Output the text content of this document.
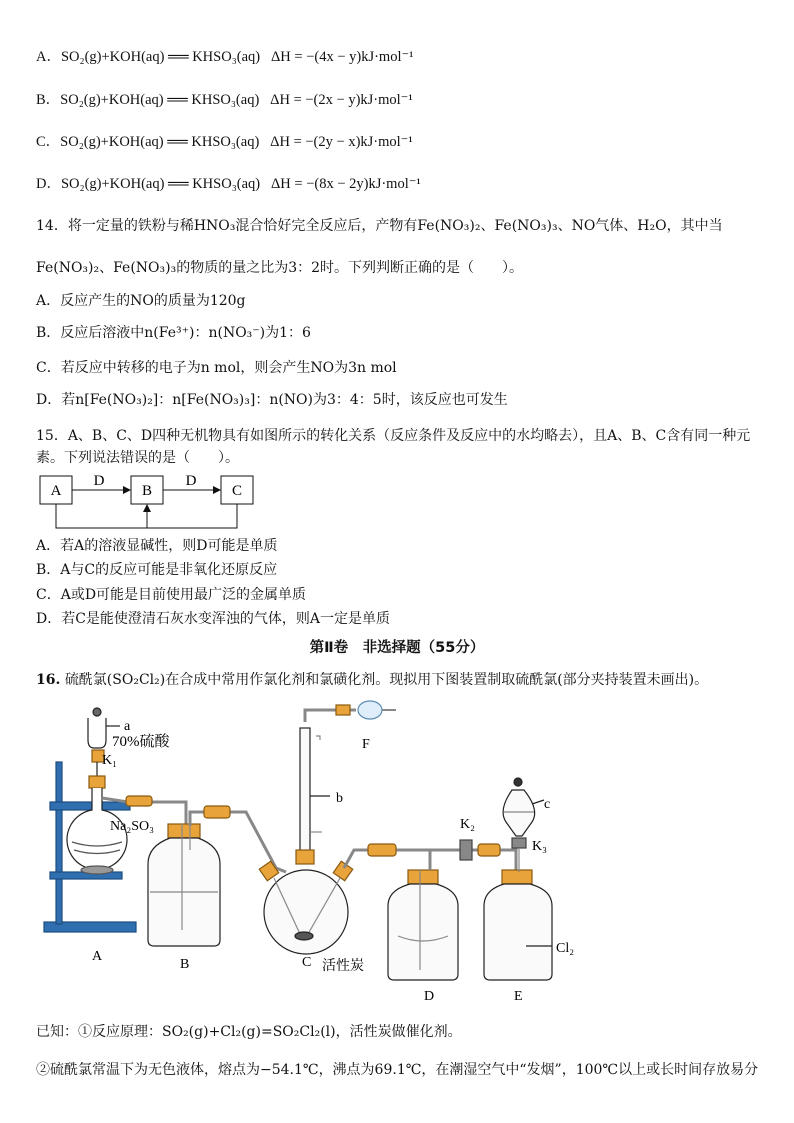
A．SO₂(g)+KOH(aq) ══ KHSO₃(aq) ΔH = −(4x − y)kJ·mol⁻¹
B．SO₂(g)+KOH(aq) ══ KHSO₃(aq) ΔH = −(2x − y)kJ·mol⁻¹
C．SO₂(g)+KOH(aq) ══ KHSO₃(aq) ΔH = −(2y − x)kJ·mol⁻¹
D．SO₂(g)+KOH(aq) ══ KHSO₃(aq) ΔH = −(8x − 2y)kJ·mol⁻¹
14．将一定量的铁粉与稀HNO₃混合恰好完全反应后，产物有Fe(NO₃)₂、Fe(NO₃)₃、NO气体、H₂O，其中当
Fe(NO₃)₂、Fe(NO₃)₃的物质的量之比为3：2时。下列判断正确的是（　　）。
A．反应产生的NO的质量为120g
B．反应后溶液中n(Fe³⁺)：n(NO₃⁻)为1：6
C．若反应中转移的电子为n mol，则会产生NO为3n mol
D．若n[Fe(NO₃)₂]：n[Fe(NO₃)₃]：n(NO)为3：4：5时，该反应也可发生
15．A、B、C、D四种无机物具有如图所示的转化关系（反应条件及反应中的水均略去），且A、B、C含有同一种元
素。下列说法错误的是（　　）。
A	B	C
D	D
A．若A的溶液显碱性，则D可能是单质
B．A与C的反应可能是非氧化还原反应
C．A或D可能是目前使用最广泛的金属单质
D．若C是能使澄清石灰水变浑浊的气体，则A一定是单质
第Ⅱ卷　非选择题（55分）
16. 硫酰氯(SO₂Cl₂)在合成中常用作氯化剂和氯磺化剂。现拟用下图装置制取硫酰氯(部分夹持装置未画出)。
a
70%硫酸
K₁
Na₂SO₃
b
F
K₂
c
K₃
Cl₂
活性炭
A
B	C
D	E
已知：①反应原理：SO₂(g)+Cl₂(g)=SO₂Cl₂(l)，活性炭做催化剂。
②硫酰氯常温下为无色液体，熔点为−54.1℃，沸点为69.1℃，在潮湿空气中“发烟”，100℃以上或长时间存放易分
